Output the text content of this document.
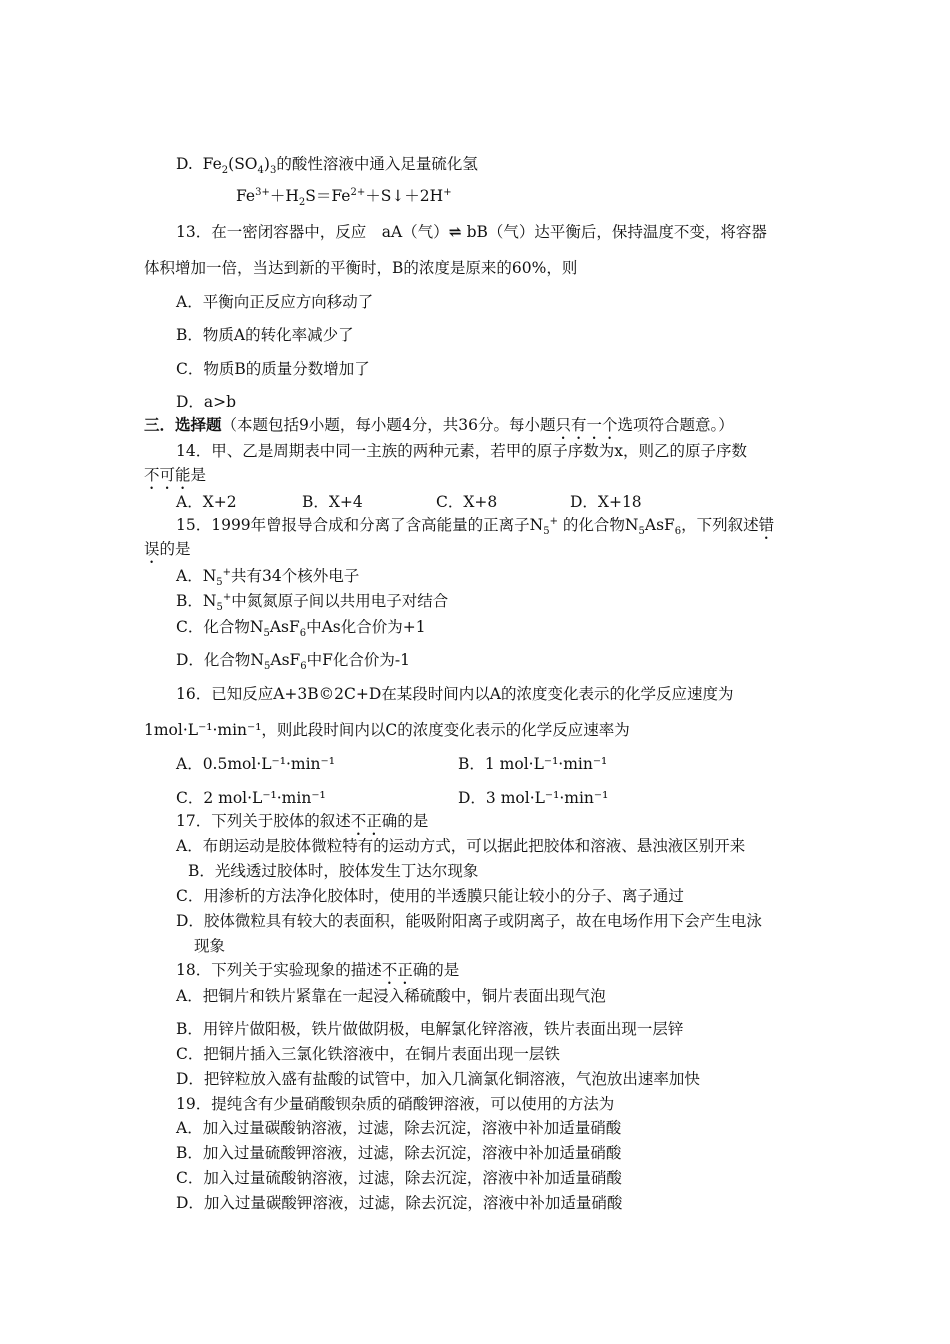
D. $Fe_2(SO_4)_3$的酸性溶液中通入足量硫化氢
$Fe^{3+}+H_2S=Fe^{2+}+S↓+2H^+$
13．在一密闭容器中，反应　aA（气）⇌ bB（气）达平衡后，保持温度不变，将容器
体积增加一倍，当达到新的平衡时，B的浓度是原来的60%，则
A．平衡向正反应方向移动了
B．物质A的转化率减少了
C．物质B的质量分数增加了
D．a>b
三．选择题（本题包括9小题，每小题4分，共36分。每小题只有一个选项符合题意。）
14．甲、乙是周期表中同一主族的两种元素，若甲的原子序数为x，则乙的原子序数
不可能是
A．X+2	B．X+4	C．X+8	D．X+18
15．1999年曾报导合成和分离了含高能量的正离子$N_5^+$ 的化合物$N_5AsF_6$，下列叙述错
误的是
A．$N_5^+$共有34个核外电子
B．$N_5^+$中氮氮原子间以共用电子对结合
C．化合物$N_5AsF_6$中As化合价为+1
D．化合物$N_5AsF_6$中F化合价为-1
16．已知反应A+3B©2C+D在某段时间内以A的浓度变化表示的化学反应速度为
1mol·L⁻¹·min⁻¹，则此段时间内以C的浓度变化表示的化学反应速率为
A．0.5mol·L⁻¹·min⁻¹	B．1 mol·L⁻¹·min⁻¹
C．2 mol·L⁻¹·min⁻¹	D．3 mol·L⁻¹·min⁻¹
17．下列关于胶体的叙述不正确的是
A．布朗运动是胶体微粒特有的运动方式，可以据此把胶体和溶液、悬浊液区别开来
B．光线透过胶体时，胶体发生丁达尔现象
C．用渗析的方法净化胶体时，使用的半透膜只能让较小的分子、离子通过
D．胶体微粒具有较大的表面积，能吸附阳离子或阴离子，故在电场作用下会产生电泳
现象
18．下列关于实验现象的描述不正确的是
A．把铜片和铁片紧靠在一起浸入稀硫酸中，铜片表面出现气泡
B．用锌片做阳极，铁片做做阴极，电解氯化锌溶液，铁片表面出现一层锌
C．把铜片插入三氯化铁溶液中，在铜片表面出现一层铁
D．把锌粒放入盛有盐酸的试管中，加入几滴氯化铜溶液，气泡放出速率加快
19．提纯含有少量硝酸钡杂质的硝酸钾溶液，可以使用的方法为
A．加入过量碳酸钠溶液，过滤，除去沉淀，溶液中补加适量硝酸
B．加入过量硫酸钾溶液，过滤，除去沉淀，溶液中补加适量硝酸
C．加入过量硫酸钠溶液，过滤，除去沉淀，溶液中补加适量硝酸
D．加入过量碳酸钾溶液，过滤，除去沉淀，溶液中补加适量硝酸
